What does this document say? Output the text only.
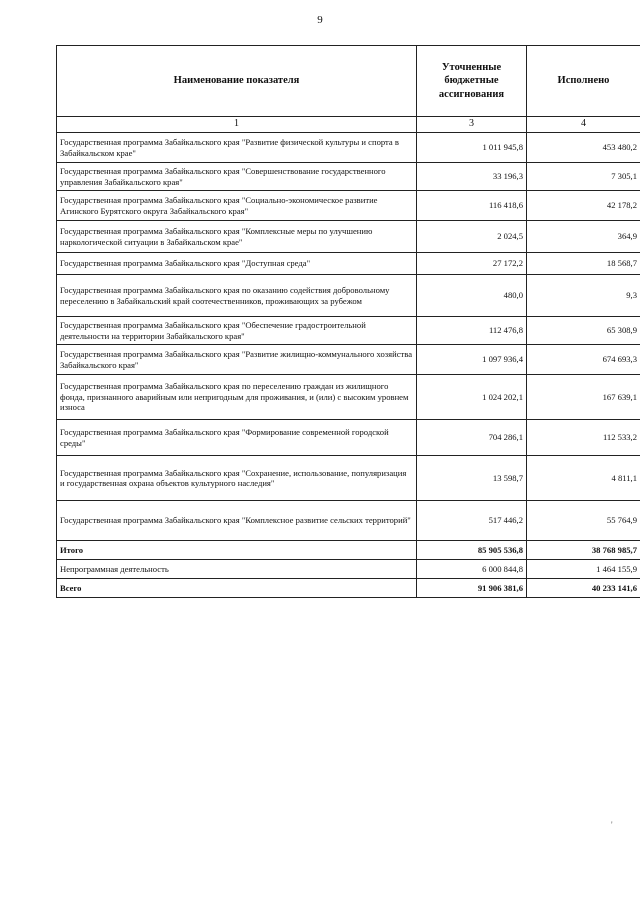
9
Наименование показателя	Уточненные бюджетные ассигнования	Исполнено
1	3	4
Государственная программа Забайкальского края "Развитие физической культуры и спорта в Забайкальском крае"	1 011 945,8	453 480,2
Государственная программа Забайкальского края "Совершенствование государственного управления Забайкальского края"	33 196,3	7 305,1
Государственная программа Забайкальского края "Социально-экономическое развитие Агинского Бурятского округа Забайкальского края"	116 418,6	42 178,2
Государственная программа Забайкальского края "Комплексные меры по улучшению наркологической ситуации в Забайкальском крае"	2 024,5	364,9
Государственная программа Забайкальского края "Доступная среда"	27 172,2	18 568,7
Государственная программа Забайкальского края по оказанию содействия добровольному переселению в Забайкальский край соотечественников, проживающих за рубежом	480,0	9,3
Государственная программа Забайкальского края "Обеспечение градостроительной деятельности на территории Забайкальского края"	112 476,8	65 308,9
Государственная программа Забайкальского края "Развитие жилищно-коммунального хозяйства Забайкальского края"	1 097 936,4	674 693,3
Государственная программа Забайкальского края по переселению граждан из жилищного фонда, признанного аварийным или непригодным для проживания, и (или) с высоким уровнем износа	1 024 202,1	167 639,1
Государственная программа Забайкальского края "Формирование современной городской среды"	704 286,1	112 533,2
Государственная программа Забайкальского края "Сохранение, использование, популяризация и государственная охрана объектов культурного наследия"	13 598,7	4 811,1
Государственная программа Забайкальского края "Комплексное развитие сельских территорий"	517 446,2	55 764,9
Итого	85 905 536,8	38 768 985,7
Непрограммная деятельность	6 000 844,8	1 464 155,9
Всего	91 906 381,6	40 233 141,6
'
